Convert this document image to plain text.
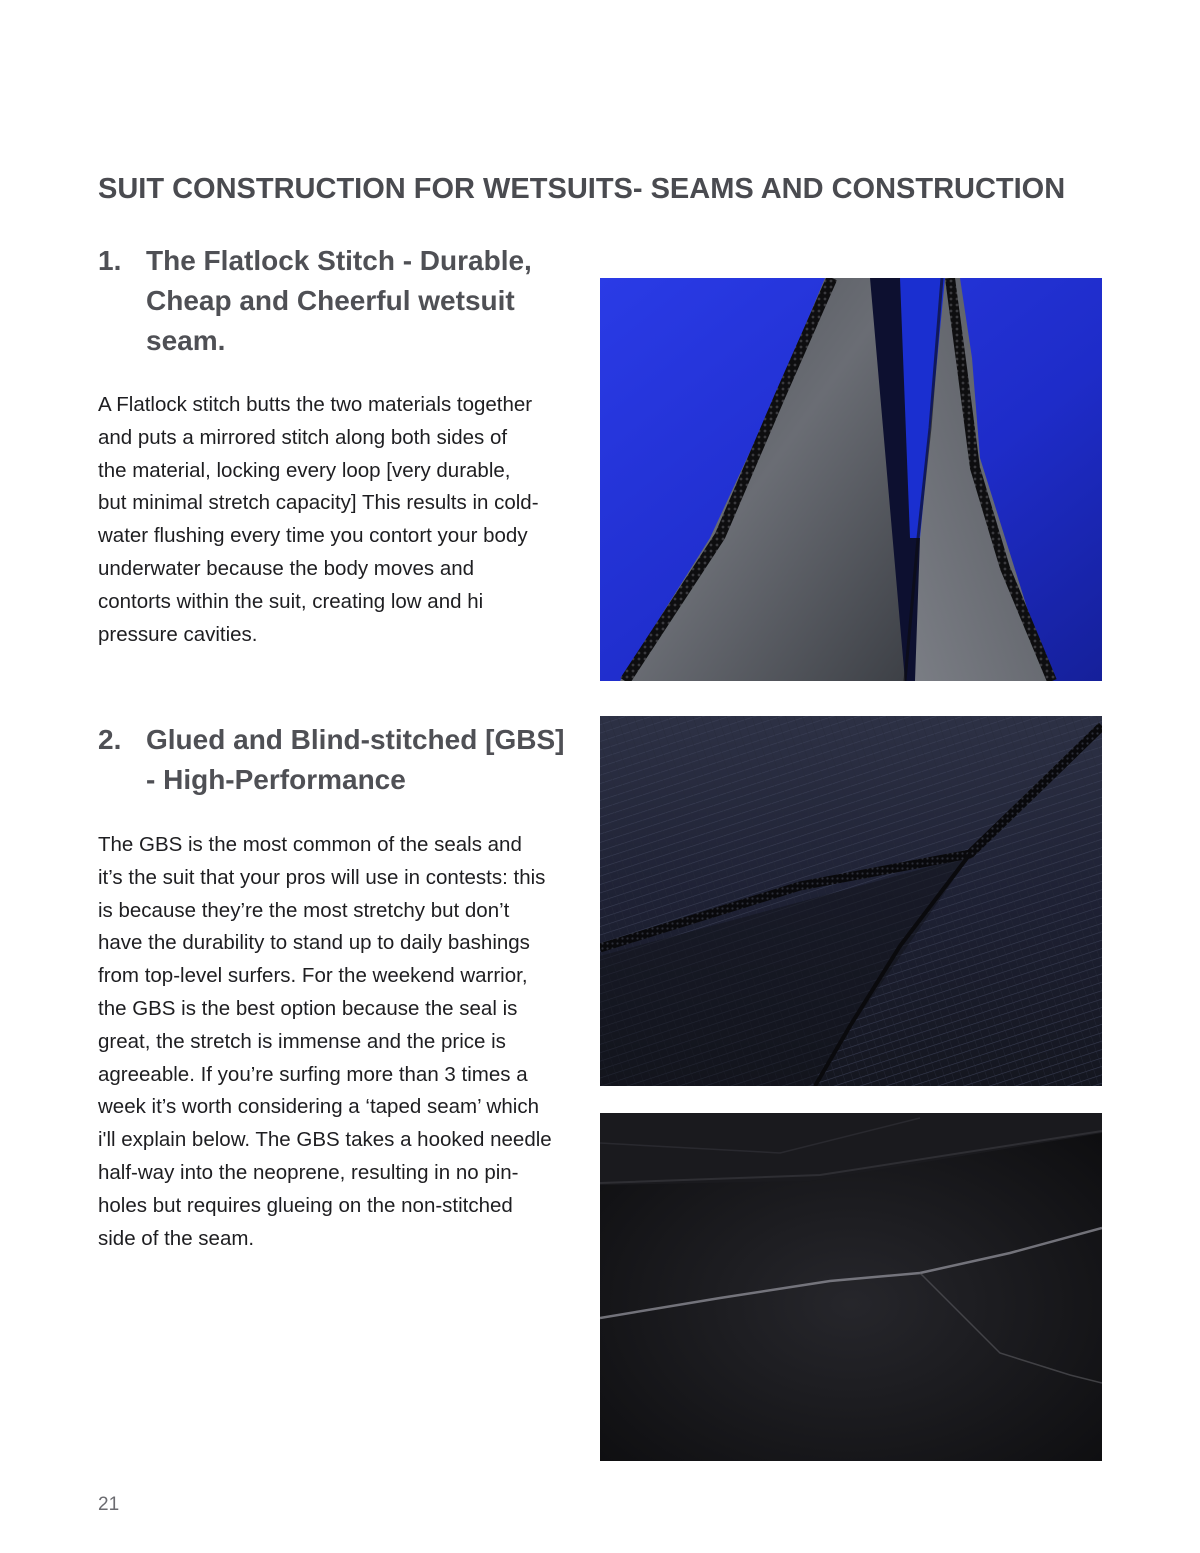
SUIT CONSTRUCTION FOR WETSUITS- SEAMS AND CONSTRUCTION
1. The Flatlock Stitch - Durable, Cheap and Cheerful wetsuit seam.

A Flatlock stitch butts the two materials together
and puts a mirrored stitch along both sides of
the material, locking every loop [very durable,
but minimal stretch capacity] This results in cold-
water flushing every time you contort your body
underwater because the body moves and
contorts within the suit, creating low and hi
pressure cavities.

2. Glued and Blind-stitched [GBS] - High-Performance

The GBS is the most common of the seals and
it’s the suit that your pros will use in contests: this
is because they’re the most stretchy but don’t
have the durability to stand up to daily bashings
from top-level surfers. For the weekend warrior,
the GBS is the best option because the seal is
great, the stretch is immense and the price is
agreeable. If you’re surfing more than 3 times a
week it’s worth considering a ‘taped seam’ which
i'll explain below. The GBS takes a hooked needle
half-way into the neoprene, resulting in no pin-
holes but requires glueing on the non-stitched
side of the seam.

21
